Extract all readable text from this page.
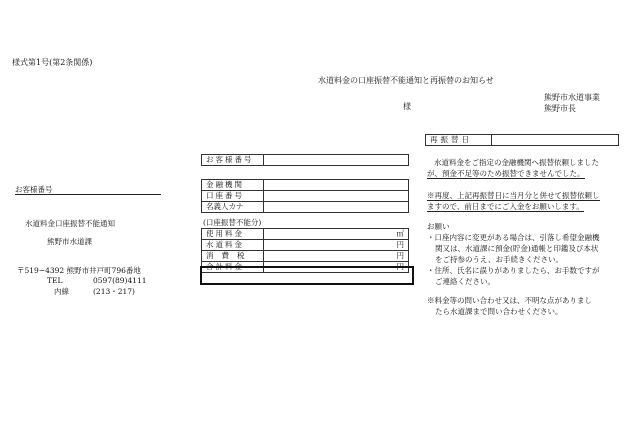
様式第1号(第2条関係)
水道料金の口座振替不能通知と再振替のお知らせ
熊野市水道事業
熊野市長
様
お客様番号
水道料金口座振替不能通知
熊野市水道課
〒519−4392 熊野市井戸町796番地
TEL	0597(89)4111
内線	(213・217)
お客様番号	
金融機関	
口座番号	
名義人カナ	
(口座振替不能分)
使用料金	㎥
水道料金	円
消費税	円
合計料金	円
再振替日	
水道料金をご指定の金融機関へ振替依頼しました
が、預金不足等のため振替できませんでした。
※再度、上記再振替日に当月分と併せて振替依頼し
ますので、前日までにご入金をお願いします。
お願い
・口座内容に変更がある場合は、引落し希望金融機
関又は、水道課に預金(貯金)通帳と印鑑及び本状
をご持参のうえ、お手続きください。
・住所、氏名に誤りがありましたら、お手数ですが
ご連絡ください。
※料金等の問い合わせ又は、不明な点がありまし
たら水道課まで問い合わせください。
